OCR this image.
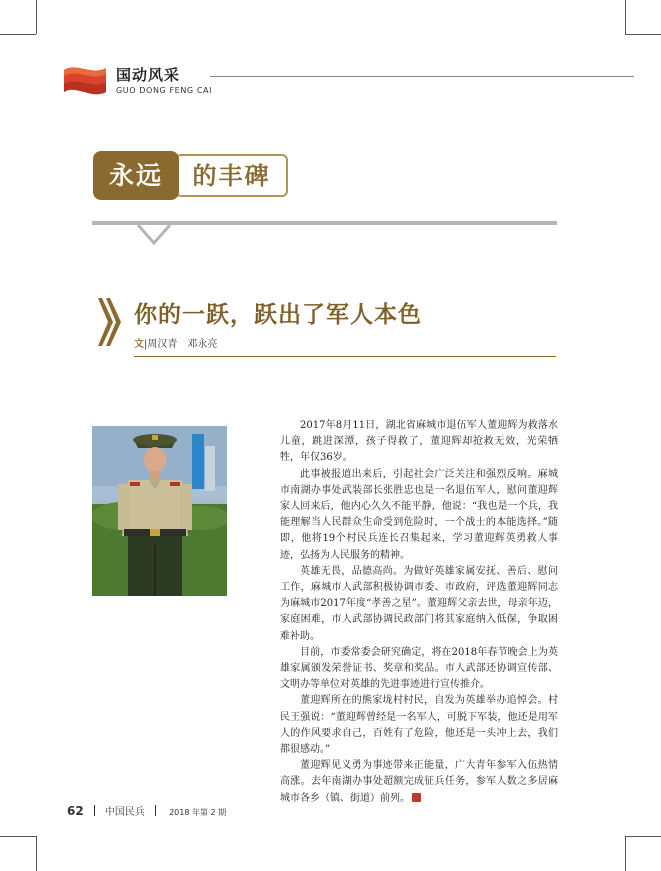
国动风采
GUO DONG FENG CAI
的丰碑
永远
你的一跃，跃出了军人本色
文|周汉青　邓永亮

2017年8月11日，湖北省麻城市退伍军人董迎辉为救落水儿童，跳进深潭，孩子得救了，董迎辉却抢救无效，光荣牺牲，年仅36岁。

此事被报道出来后，引起社会广泛关注和强烈反响。麻城市南湖办事处武装部长张胜忠也是一名退伍军人，慰问董迎辉家人回来后，他内心久久不能平静，他说：“我也是一个兵，我能理解当人民群众生命受到危险时，一个战士的本能选择。”随即，他将19个村民兵连长召集起来，学习董迎辉英勇救人事迹，弘扬为人民服务的精神。

英雄无畏，品德高尚。为做好英雄家属安抚、善后、慰问工作，麻城市人武部积极协调市委、市政府，评选董迎辉同志为麻城市2017年度“孝善之星”。董迎辉父亲去世，母亲年迈，家庭困难，市人武部协调民政部门将其家庭纳入低保，争取困难补助。

目前，市委常委会研究确定，将在2018年春节晚会上为英雄家属颁发荣誉证书、奖章和奖品。市人武部还协调宣传部、文明办等单位对英雄的先进事迹进行宣传推介。

董迎辉所在的熊家垅村村民，自发为英雄举办追悼会。村民王强说：“董迎辉曾经是一名军人，可脱下军装，他还是用军人的作风要求自己，百姓有了危险，他还是一头冲上去，我们都很感动。”

董迎辉见义勇为事迹带来正能量，广大青年参军入伍热情高涨。去年南湖办事处超额完成征兵任务，参军人数之多居麻城市各乡（镇、街道）前列。

62 中国民兵	2018 年第 2 期
